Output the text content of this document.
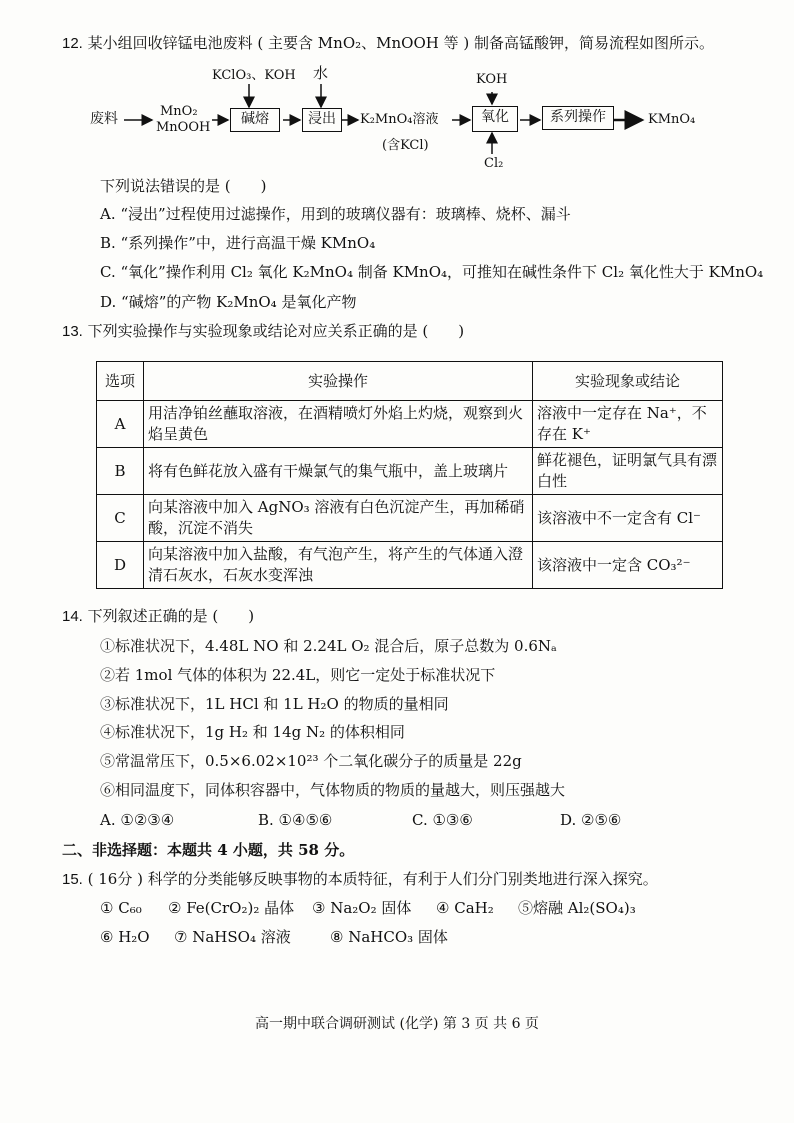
12. 某小组回收锌锰电池废料 ( 主要含 MnO₂、MnOOH 等 ) 制备高锰酸钾，简易流程如图所示。
废料	MnO₂
MnOOH
KClO₃、KOH
碱熔
水
浸出	K₂MnO₄溶液
(含KCl)
KOH
氧化
Cl₂
系列操作	KMnO₄
下列说法错误的是 (　　)
A. “浸出”过程使用过滤操作，用到的玻璃仪器有：玻璃棒、烧杯、漏斗
B. “系列操作”中，进行高温干燥 KMnO₄
C. “氧化”操作利用 Cl₂ 氧化 K₂MnO₄ 制备 KMnO₄，可推知在碱性条件下 Cl₂ 氧化性大于 KMnO₄
D. “碱熔”的产物 K₂MnO₄ 是氧化产物
13. 下列实验操作与实验现象或结论对应关系正确的是 (　　)
选项	实验操作	实验现象或结论
A	用洁净铂丝蘸取溶液，在酒精喷灯外焰上灼烧，观察到火焰呈黄色	溶液中一定存在 Na⁺，不存在 K⁺
B	将有色鲜花放入盛有干燥氯气的集气瓶中，盖上玻璃片	鲜花褪色，证明氯气具有漂白性
C	向某溶液中加入 AgNO₃ 溶液有白色沉淀产生，再加稀硝酸，沉淀不消失	该溶液中不一定含有 Cl⁻
D	向某溶液中加入盐酸，有气泡产生，将产生的气体通入澄清石灰水，石灰水变浑浊	该溶液中一定含 CO₃²⁻
14. 下列叙述正确的是 (　　)
①标准状况下，4.48L NO 和 2.24L O₂ 混合后，原子总数为 0.6Nₐ
②若 1mol 气体的体积为 22.4L，则它一定处于标准状况下
③标准状况下，1L HCl 和 1L H₂O 的物质的量相同
④标准状况下，1g H₂ 和 14g N₂ 的体积相同
⑤常温常压下，0.5×6.02×10²³ 个二氧化碳分子的质量是 22g
⑥相同温度下，同体积容器中，气体物质的物质的量越大，则压强越大
A. ①②③④	B. ①④⑤⑥	C. ①③⑥	D. ②⑤⑥
二、非选择题：本题共 4 小题，共 58 分。
15. ( 16分 ) 科学的分类能够反映事物的本质特征，有利于人们分门别类地进行深入探究。
① C₆₀ ② Fe(CrO₂)₂ 晶体 ③ Na₂O₂ 固体 ④ CaH₂ ⑤熔融 Al₂(SO₄)₃
⑥ H₂O ⑦ NaHSO₄ 溶液	⑧ NaHCO₃ 固体
高一期中联合调研测试 (化学) 第 3 页 共 6 页
